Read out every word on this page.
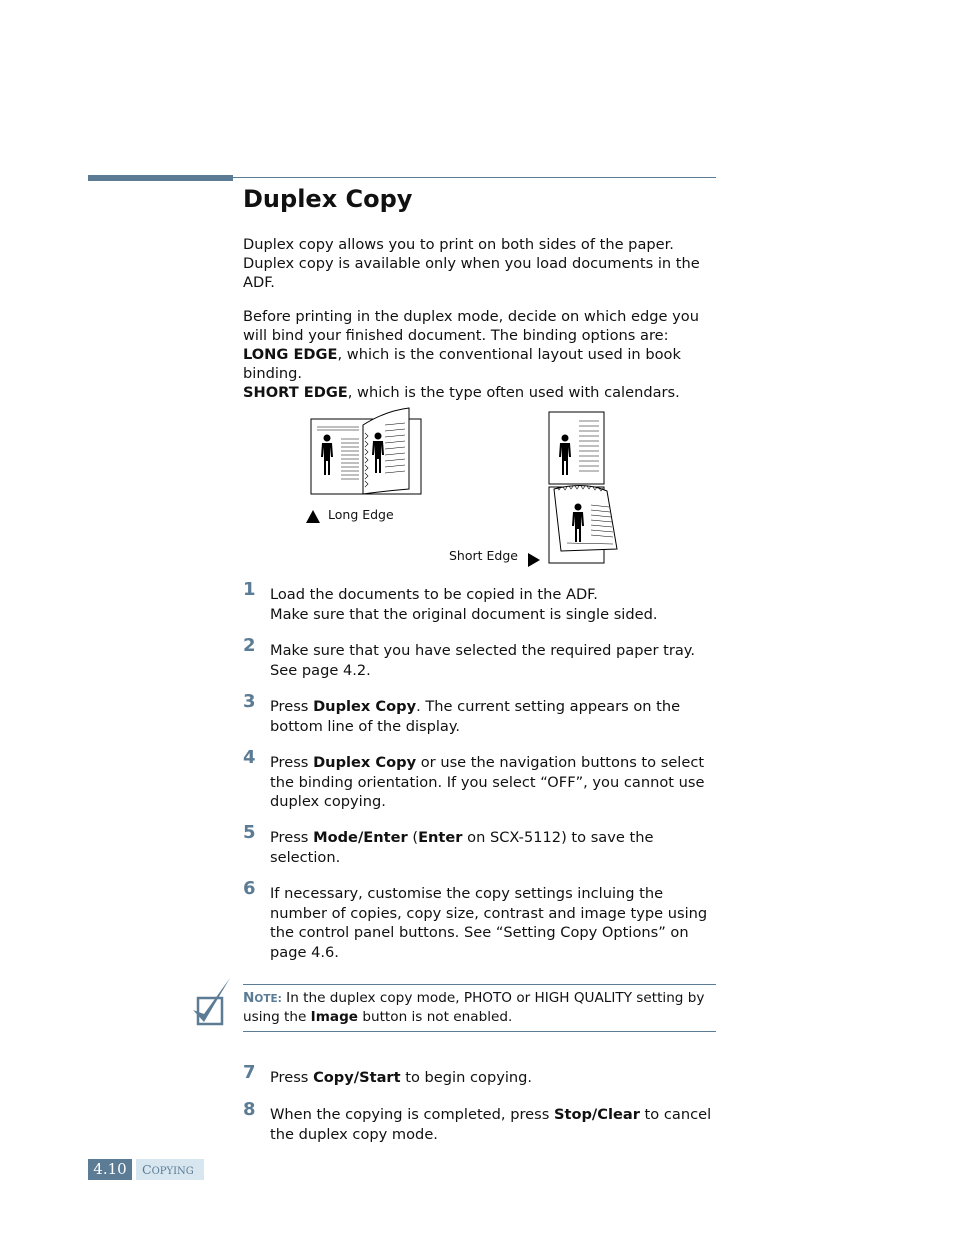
Duplex Copy

Duplex copy allows you to print on both sides of the paper. Duplex copy is available only when you load documents in the ADF.

Before printing in the duplex mode, decide on which edge you will bind your finished document. The binding options are:
LONG EDGE, which is the conventional layout used in book binding.
SHORT EDGE, which is the type often used with calendars.

Long Edge
Short Edge
1 Load the documents to be copied in the ADF.
Make sure that the original document is single sided.
2 Make sure that you have selected the required paper tray. See page 4.2.
3 Press Duplex Copy. The current setting appears on the bottom line of the display.
4 Press Duplex Copy or use the navigation buttons to select the binding orientation. If you select “OFF”, you cannot use duplex copying.
5 Press Mode/Enter (Enter on SCX-5112) to save the selection.
6 If necessary, customise the copy settings incluing the number of copies, copy size, contrast and image type using the control panel buttons. See “Setting Copy Options” on page 4.6.
NOTE: In the duplex copy mode, PHOTO or HIGH QUALITY setting by using the Image button is not enabled.
7 Press Copy/Start to begin copying.
8 When the copying is completed, press Stop/Clear to cancel the duplex copy mode.
4.10	COPYING
